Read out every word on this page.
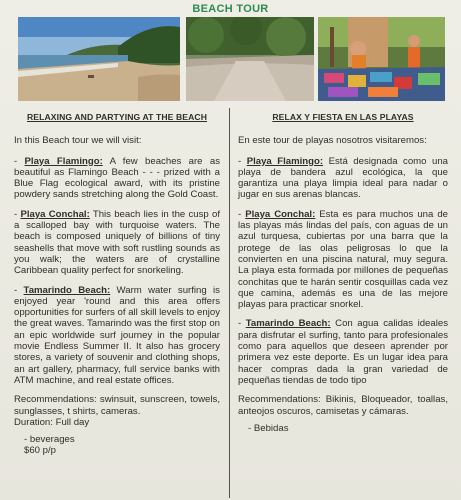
BEACH TOUR
RELAXING AND PARTYING AT THE BEACH

In this Beach tour we will visit:

- Playa Flamingo: A few beaches are as beautiful as Flamingo Beach - - - prized with a Blue Flag ecological award, with its pristine powdery sands stretching along the Gold Coast.

- Playa Conchal: This beach lies in the cusp of a scalloped bay with turquoise waters. The beach is composed uniquely of billions of tiny seashells that move with soft rustling sounds as you walk; the waters are of crystalline Caribbean quality perfect for snorkeling.

- Tamarindo Beach: Warm water surfing is enjoyed year 'round and this area offers opportunities for surfers of all skill levels to enjoy the great waves. Tamarindo was the first stop on an epic worldwide surf journey in the popular movie Endless Summer II. It also has grocery stores, a variety of souvenir and clothing shops, an art gallery, pharmacy, full service banks with ATM machine, and real estate offices.

Recommendations: swinsuit, sunscreen, towels, sunglasses, t shirts, cameras.

Duration: Full day

- beverages

$60 p/p

RELAX Y FIESTA EN LAS PLAYAS

En este tour de playas nosotros visitaremos:

- Playa Flamingo: Está designada como una playa de bandera azul ecológica, la que garantiza una playa limpia ideal para nadar o jugar en sus arenas blancas.

- Playa Conchal: Esta es para muchos una de las playas más lindas del país, con aguas de un azul turquesa, cubiertas por una barra que la protege de las olas peligrosas lo que la convierten en una piscina natural, muy segura. La playa esta formada por millones de pequeñas conchitas que te harán sentir cosquillas cada vez que camina, además es una de las mejore playas para practicar snorkel.

- Tamarindo Beach: Con agua calidas ideales para disfrutar el surfing, tanto para profesionales como para aquellos que deseen aprender por primera vez este deporte. Es un lugar idea para hacer compras dada la gran variedad de pequeñas tiendas de todo tipo

Recommendations: Bikinis, Bloqueador, toallas, anteojos oscuros, camisetas y cámaras.

- Bebidas
